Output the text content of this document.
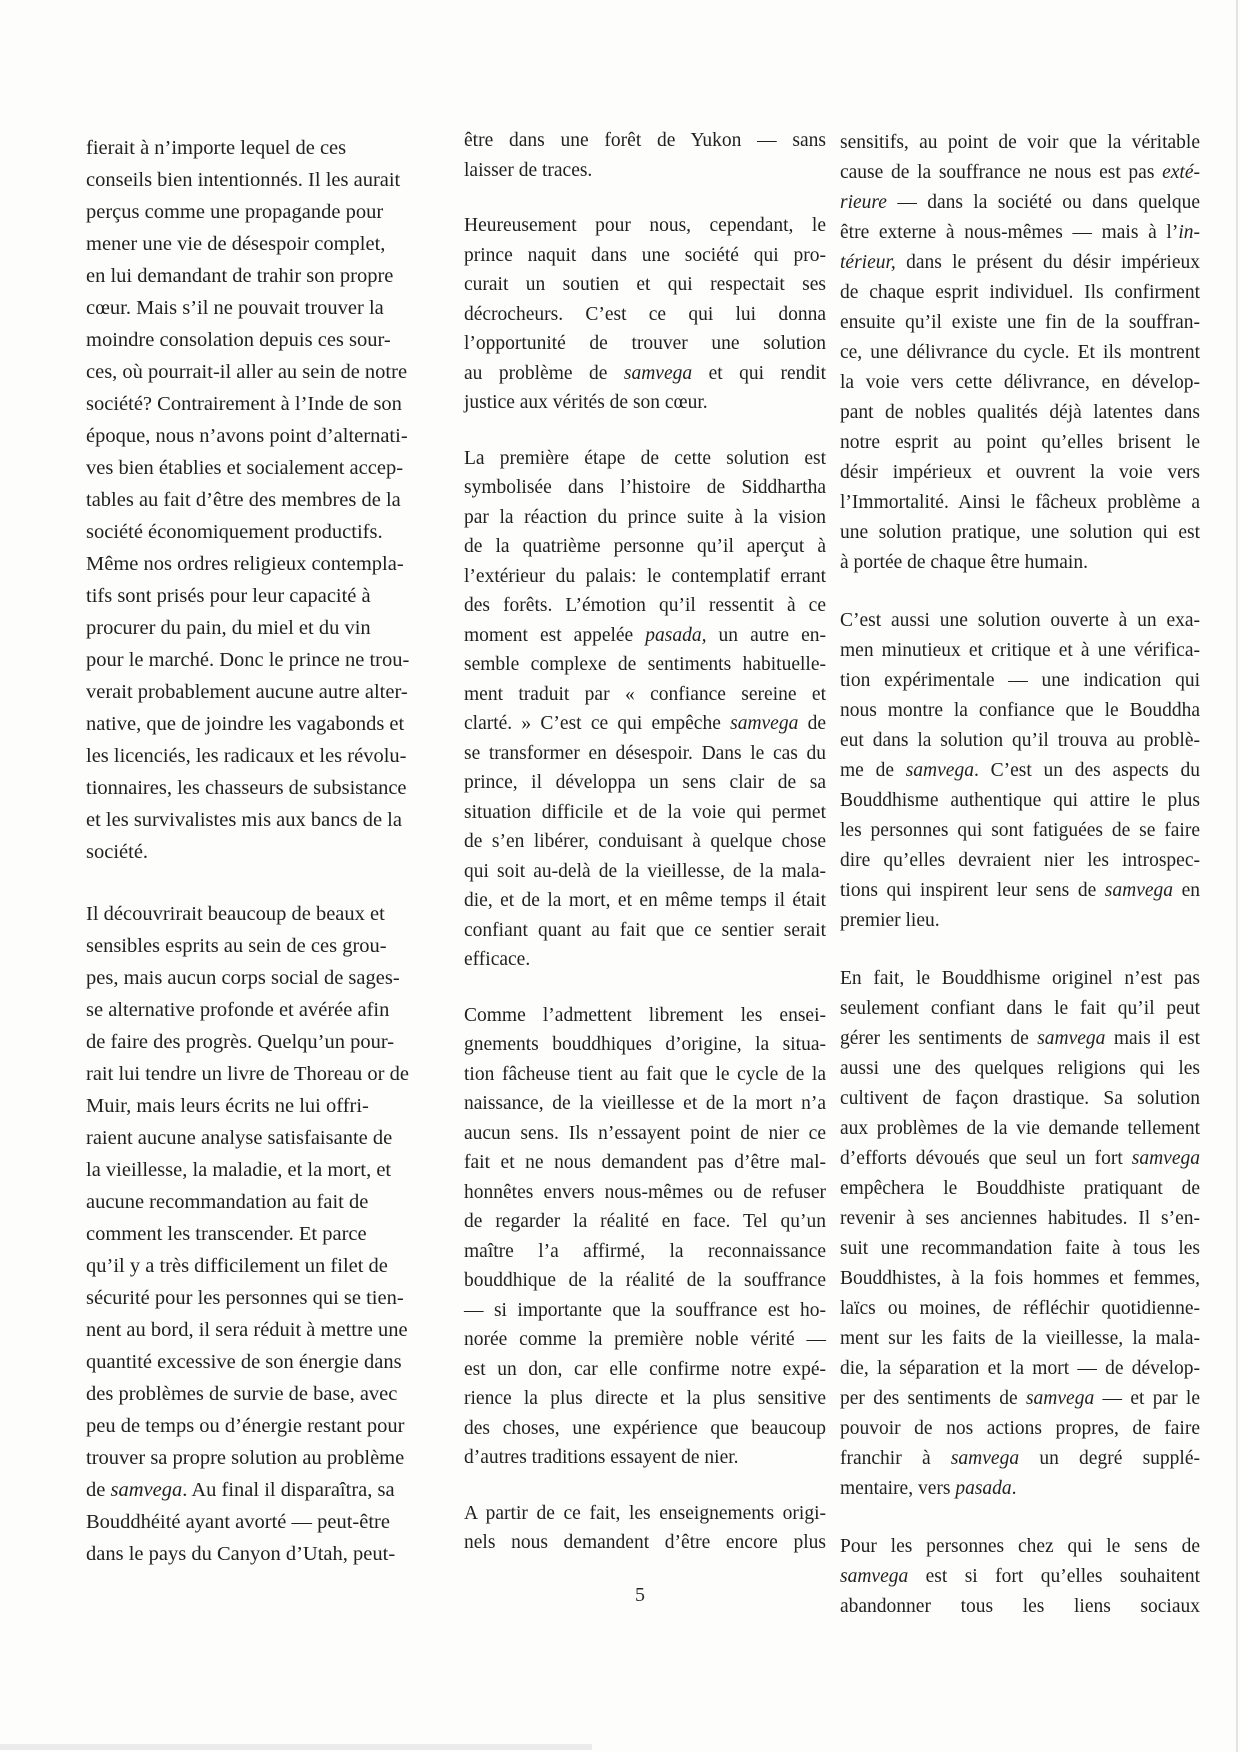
fierait à n’importe lequel de ces
conseils bien intentionnés. Il les aurait
perçus comme une propagande pour
mener une vie de désespoir complet,
en lui demandant de trahir son propre
cœur. Mais s’il ne pouvait trouver la
moindre consolation depuis ces sour-
ces, où pourrait-il aller au sein de notre
société? Contrairement à l’Inde de son
époque, nous n’avons point d’alternati-
ves bien établies et socialement accep-
tables au fait d’être des membres de la
société économiquement productifs.
Même nos ordres religieux contempla-
tifs sont prisés pour leur capacité à
procurer du pain, du miel et du vin
pour le marché. Donc le prince ne trou-
verait probablement aucune autre alter-
native, que de joindre les vagabonds et
les licenciés, les radicaux et les révolu-
tionnaires, les chasseurs de subsistance
et les survivalistes mis aux bancs de la
société.
Il découvrirait beaucoup de beaux et
sensibles esprits au sein de ces grou-
pes, mais aucun corps social de sages-
se alternative profonde et avérée afin
de faire des progrès. Quelqu’un pour-
rait lui tendre un livre de Thoreau or de
Muir, mais leurs écrits ne lui offri-
raient aucune analyse satisfaisante de
la vieillesse, la maladie, et la mort, et
aucune recommandation au fait de
comment les transcender. Et parce
qu’il y a très difficilement un filet de
sécurité pour les personnes qui se tien-
nent au bord, il sera réduit à mettre une
quantité excessive de son énergie dans
des problèmes de survie de base, avec
peu de temps ou d’énergie restant pour
trouver sa propre solution au problème
de samvega. Au final il disparaîtra, sa
Bouddhéité ayant avorté — peut-être
dans le pays du Canyon d’Utah, peut-
être dans une forêt de Yukon — sans
laisser de traces.
Heureusement pour nous, cependant, le
prince naquit dans une société qui pro-
curait un soutien et qui respectait ses
décrocheurs. C’est ce qui lui donna
l’opportunité de trouver une solution
au problème de samvega et qui rendit
justice aux vérités de son cœur.
La première étape de cette solution est
symbolisée dans l’histoire de Siddhartha
par la réaction du prince suite à la vision
de la quatrième personne qu’il aperçut à
l’extérieur du palais: le contemplatif errant
des forêts. L’émotion qu’il ressentit à ce
moment est appelée pasada, un autre en-
semble complexe de sentiments habituelle-
ment traduit par « confiance sereine et
clarté. » C’est ce qui empêche samvega de
se transformer en désespoir. Dans le cas du
prince, il développa un sens clair de sa
situation difficile et de la voie qui permet
de s’en libérer, conduisant à quelque chose
qui soit au-delà de la vieillesse, de la mala-
die, et de la mort, et en même temps il était
confiant quant au fait que ce sentier serait
efficace.
Comme l’admettent librement les ensei-
gnements bouddhiques d’origine, la situa-
tion fâcheuse tient au fait que le cycle de la
naissance, de la vieillesse et de la mort n’a
aucun sens. Ils n’essayent point de nier ce
fait et ne nous demandent pas d’être mal-
honnêtes envers nous-mêmes ou de refuser
de regarder la réalité en face. Tel qu’un
maître l’a affirmé, la reconnaissance
bouddhique de la réalité de la souffrance
— si importante que la souffrance est ho-
norée comme la première noble vérité —
est un don, car elle confirme notre expé-
rience la plus directe et la plus sensitive
des choses, une expérience que beaucoup
d’autres traditions essayent de nier.
A partir de ce fait, les enseignements origi-
nels nous demandent d’être encore plus
sensitifs, au point de voir que la véritable
cause de la souffrance ne nous est pas exté-
rieure — dans la société ou dans quelque
être externe à nous-mêmes — mais à l’in-
térieur, dans le présent du désir impérieux
de chaque esprit individuel. Ils confirment
ensuite qu’il existe une fin de la souffran-
ce, une délivrance du cycle. Et ils montrent
la voie vers cette délivrance, en dévelop-
pant de nobles qualités déjà latentes dans
notre esprit au point qu’elles brisent le
désir impérieux et ouvrent la voie vers
l’Immortalité. Ainsi le fâcheux problème a
une solution pratique, une solution qui est
à portée de chaque être humain.
C’est aussi une solution ouverte à un exa-
men minutieux et critique et à une vérifica-
tion expérimentale — une indication qui
nous montre la confiance que le Bouddha
eut dans la solution qu’il trouva au problè-
me de samvega. C’est un des aspects du
Bouddhisme authentique qui attire le plus
les personnes qui sont fatiguées de se faire
dire qu’elles devraient nier les introspec-
tions qui inspirent leur sens de samvega en
premier lieu.
En fait, le Bouddhisme originel n’est pas
seulement confiant dans le fait qu’il peut
gérer les sentiments de samvega mais il est
aussi une des quelques religions qui les
cultivent de façon drastique. Sa solution
aux problèmes de la vie demande tellement
d’efforts dévoués que seul un fort samvega
empêchera le Bouddhiste pratiquant de
revenir à ses anciennes habitudes. Il s’en-
suit une recommandation faite à tous les
Bouddhistes, à la fois hommes et femmes,
laïcs ou moines, de réfléchir quotidienne-
ment sur les faits de la vieillesse, la mala-
die, la séparation et la mort — de dévelop-
per des sentiments de samvega — et par le
pouvoir de nos actions propres, de faire
franchir à samvega un degré supplé-
mentaire, vers pasada.
Pour les personnes chez qui le sens de
samvega est si fort qu’elles souhaitent
abandonner tous les liens sociaux
5
